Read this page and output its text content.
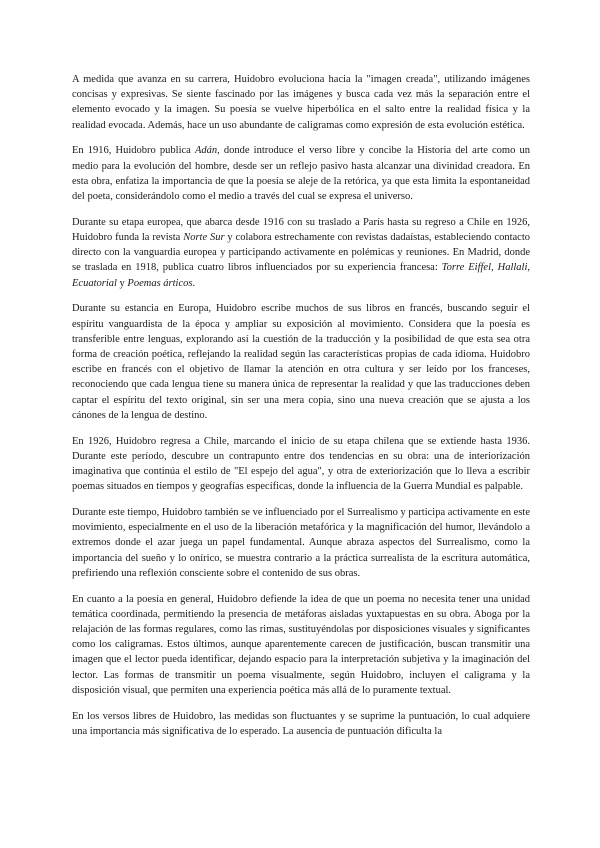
A medida que avanza en su carrera, Huidobro evoluciona hacia la "imagen creada", utilizando imágenes concisas y expresivas. Se siente fascinado por las imágenes y busca cada vez más la separación entre el elemento evocado y la imagen. Su poesía se vuelve hiperbólica en el salto entre la realidad física y la realidad evocada. Además, hace un uso abundante de caligramas como expresión de esta evolución estética.

En 1916, Huidobro publica Adán, donde introduce el verso libre y concibe la Historia del arte como un medio para la evolución del hombre, desde ser un reflejo pasivo hasta alcanzar una divinidad creadora. En esta obra, enfatiza la importancia de que la poesía se aleje de la retórica, ya que esta limita la espontaneidad del poeta, considerándolo como el medio a través del cual se expresa el universo.

Durante su etapa europea, que abarca desde 1916 con su traslado a París hasta su regreso a Chile en 1926, Huidobro funda la revista Norte Sur y colabora estrechamente con revistas dadaístas, estableciendo contacto directo con la vanguardia europea y participando activamente en polémicas y reuniones. En Madrid, donde se traslada en 1918, publica cuatro libros influenciados por su experiencia francesa: Torre Eiffel, Hallali, Ecuatorial y Poemas árticos.

Durante su estancia en Europa, Huidobro escribe muchos de sus libros en francés, buscando seguir el espíritu vanguardista de la época y ampliar su exposición al movimiento. Considera que la poesía es transferible entre lenguas, explorando así la cuestión de la traducción y la posibilidad de que esta sea otra forma de creación poética, reflejando la realidad según las características propias de cada idioma. Huidobro escribe en francés con el objetivo de llamar la atención en otra cultura y ser leído por los franceses, reconociendo que cada lengua tiene su manera única de representar la realidad y que las traducciones deben captar el espíritu del texto original, sin ser una mera copia, sino una nueva creación que se ajusta a los cánones de la lengua de destino.

En 1926, Huidobro regresa a Chile, marcando el inicio de su etapa chilena que se extiende hasta 1936. Durante este período, descubre un contrapunto entre dos tendencias en su obra: una de interiorización imaginativa que continúa el estilo de "El espejo del agua", y otra de exteriorización que lo lleva a escribir poemas situados en tiempos y geografías específicas, donde la influencia de la Guerra Mundial es palpable.

Durante este tiempo, Huidobro también se ve influenciado por el Surrealismo y participa activamente en este movimiento, especialmente en el uso de la liberación metafórica y la magnificación del humor, llevándolo a extremos donde el azar juega un papel fundamental. Aunque abraza aspectos del Surrealismo, como la importancia del sueño y lo onírico, se muestra contrario a la práctica surrealista de la escritura automática, prefiriendo una reflexión consciente sobre el contenido de sus obras.

En cuanto a la poesía en general, Huidobro defiende la idea de que un poema no necesita tener una unidad temática coordinada, permitiendo la presencia de metáforas aisladas yuxtapuestas en su obra. Aboga por la relajación de las formas regulares, como las rimas, sustituyéndolas por disposiciones visuales y significantes como los caligramas. Estos últimos, aunque aparentemente carecen de justificación, buscan transmitir una imagen que el lector pueda identificar, dejando espacio para la interpretación subjetiva y la imaginación del lector. Las formas de transmitir un poema visualmente, según Huidobro, incluyen el caligrama y la disposición visual, que permiten una experiencia poética más allá de lo puramente textual.

En los versos libres de Huidobro, las medidas son fluctuantes y se suprime la puntuación, lo cual adquiere una importancia más significativa de lo esperado. La ausencia de puntuación dificulta la
